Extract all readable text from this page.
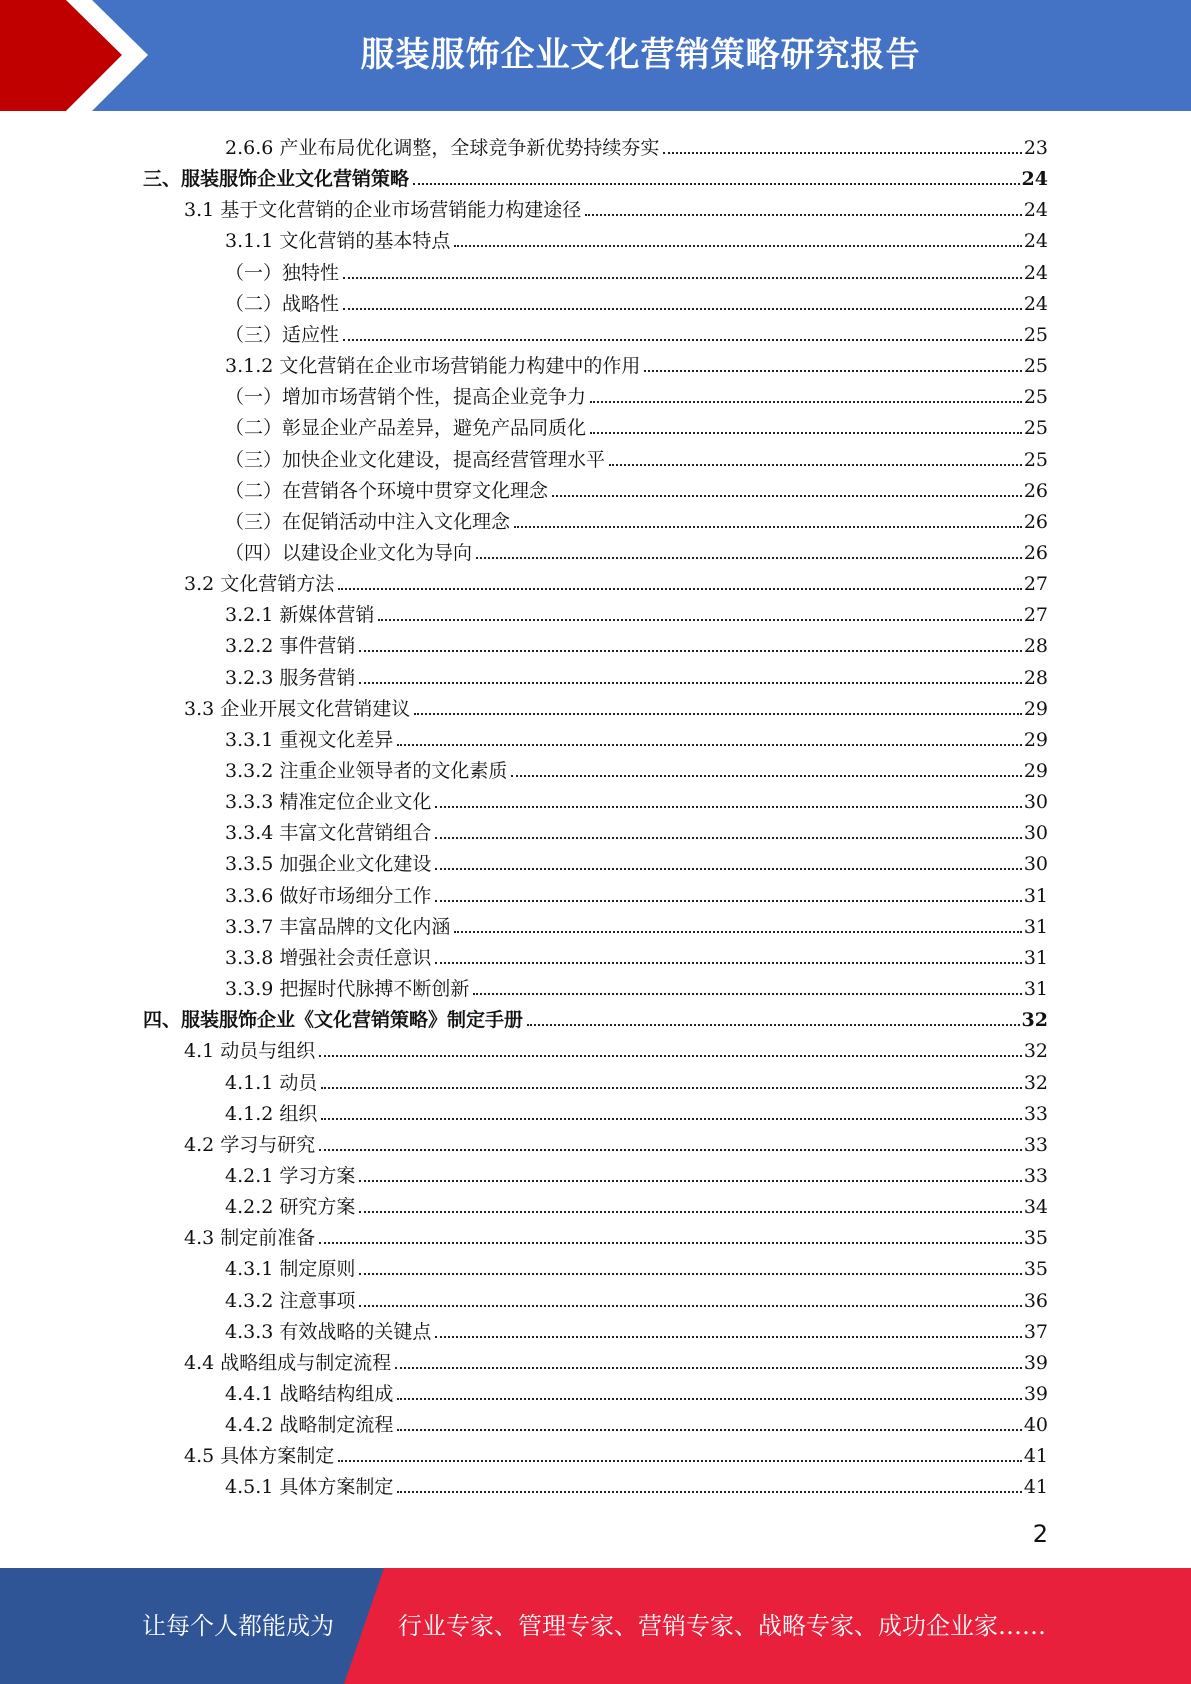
服装服饰企业文化营销策略研究报告
2.6.6 产业布局优化调整，全球竞争新优势持续夯实	23
三、服装服饰企业文化营销策略	24
3.1 基于文化营销的企业市场营销能力构建途径	24
3.1.1 文化营销的基本特点	24
（一）独特性	24
（二）战略性	24
（三）适应性	25
3.1.2 文化营销在企业市场营销能力构建中的作用	25
（一）增加市场营销个性，提高企业竞争力	25
（二）彰显企业产品差异，避免产品同质化	25
（三）加快企业文化建设，提高经营管理水平	25
（二）在营销各个环境中贯穿文化理念	26
（三）在促销活动中注入文化理念	26
（四）以建设企业文化为导向	26
3.2 文化营销方法	27
3.2.1 新媒体营销	27
3.2.2 事件营销	28
3.2.3 服务营销	28
3.3 企业开展文化营销建议	29
3.3.1 重视文化差异	29
3.3.2 注重企业领导者的文化素质	29
3.3.3 精准定位企业文化	30
3.3.4 丰富文化营销组合	30
3.3.5 加强企业文化建设	30
3.3.6 做好市场细分工作	31
3.3.7 丰富品牌的文化内涵	31
3.3.8 增强社会责任意识	31
3.3.9 把握时代脉搏不断创新	31
四、服装服饰企业《文化营销策略》制定手册	32
4.1 动员与组织	32
4.1.1 动员	32
4.1.2 组织	33
4.2 学习与研究	33
4.2.1 学习方案	33
4.2.2 研究方案	34
4.3 制定前准备	35
4.3.1 制定原则	35
4.3.2 注意事项	36
4.3.3 有效战略的关键点	37
4.4 战略组成与制定流程	39
4.4.1 战略结构组成	39
4.4.2 战略制定流程	40
4.5 具体方案制定	41
4.5.1 具体方案制定	41
2
让每个人都能成为	行业专家、管理专家、营销专家、战略专家、成功企业家……
